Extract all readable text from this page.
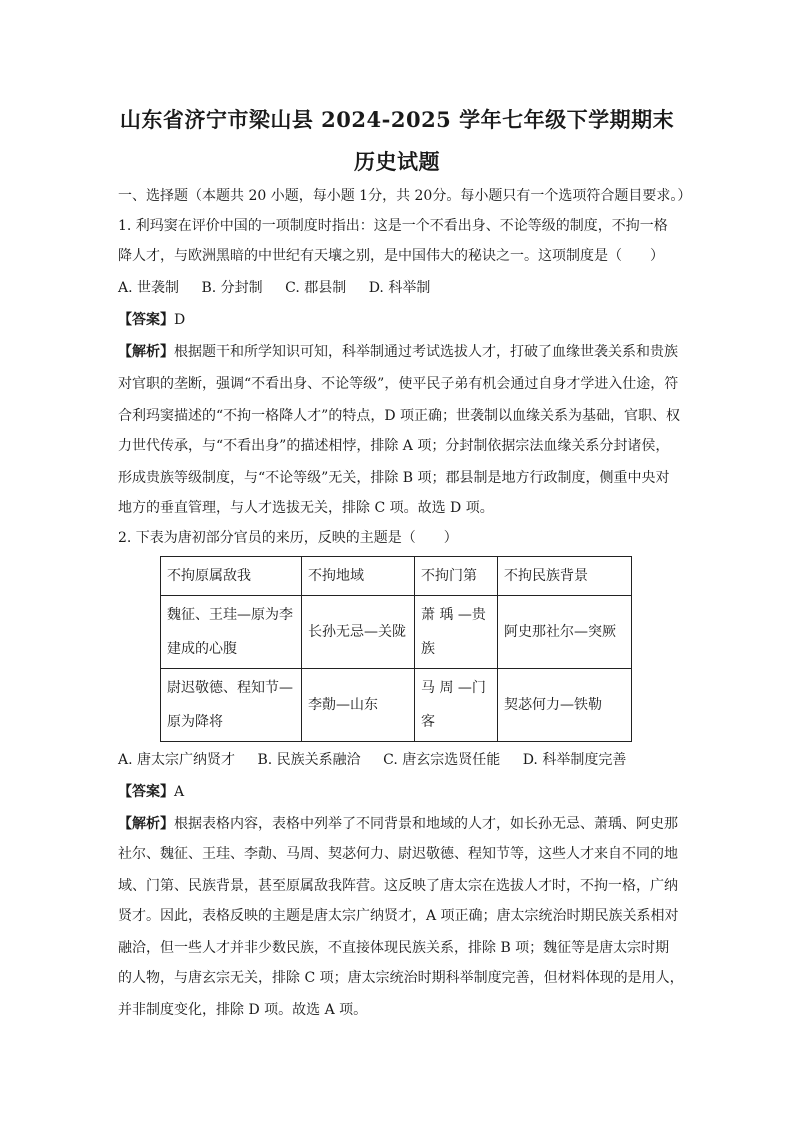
山东省济宁市梁山县 2024-2025 学年七年级下学期期末
历史试题
一、选择题（本题共 20 小题，每小题 1分，共 20分。每小题只有一个选项符合题目要求。）
1. 利玛窦在评价中国的一项制度时指出：这是一个不看出身、不论等级的制度，不拘一格
降人才，与欧洲黑暗的中世纪有天壤之别，是中国伟大的秘诀之一。这项制度是（　　）
A. 世袭制 B. 分封制 C. 郡县制 D. 科举制
【答案】D
【解析】根据题干和所学知识可知，科举制通过考试选拔人才，打破了血缘世袭关系和贵族
对官职的垄断，强调“不看出身、不论等级”，使平民子弟有机会通过自身才学进入仕途，符
合利玛窦描述的“不拘一格降人才”的特点，D 项正确；世袭制以血缘关系为基础，官职、权
力世代传承，与“不看出身”的描述相悖，排除 A 项；分封制依据宗法血缘关系分封诸侯，
形成贵族等级制度，与“不论等级”无关，排除 B 项；郡县制是地方行政制度，侧重中央对
地方的垂直管理，与人才选拔无关，排除 C 项。故选 D 项。
2. 下表为唐初部分官员的来历，反映的主题是（　　）
不拘原属敌我	不拘地域	不拘门第	不拘民族背景
魏征、王珪—原为李建成的心腹	长孙无忌—关陇	萧 瑀 —贵族	阿史那社尔—突厥
尉迟敬德、程知节—原为降将	李勣—山东	马 周 —门客	契苾何力—铁勒
A. 唐太宗广纳贤才 B. 民族关系融洽 C. 唐玄宗选贤任能 D. 科举制度完善
【答案】A
【解析】根据表格内容，表格中列举了不同背景和地域的人才，如长孙无忌、萧瑀、阿史那
社尔、魏征、王珪、李勣、马周、契苾何力、尉迟敬德、程知节等，这些人才来自不同的地
域、门第、民族背景，甚至原属敌我阵营。这反映了唐太宗在选拔人才时，不拘一格，广纳
贤才。因此，表格反映的主题是唐太宗广纳贤才，A 项正确；唐太宗统治时期民族关系相对
融洽，但一些人才并非少数民族，不直接体现民族关系，排除 B 项；魏征等是唐太宗时期
的人物，与唐玄宗无关，排除 C 项；唐太宗统治时期科举制度完善，但材料体现的是用人，
并非制度变化，排除 D 项。故选 A 项。
